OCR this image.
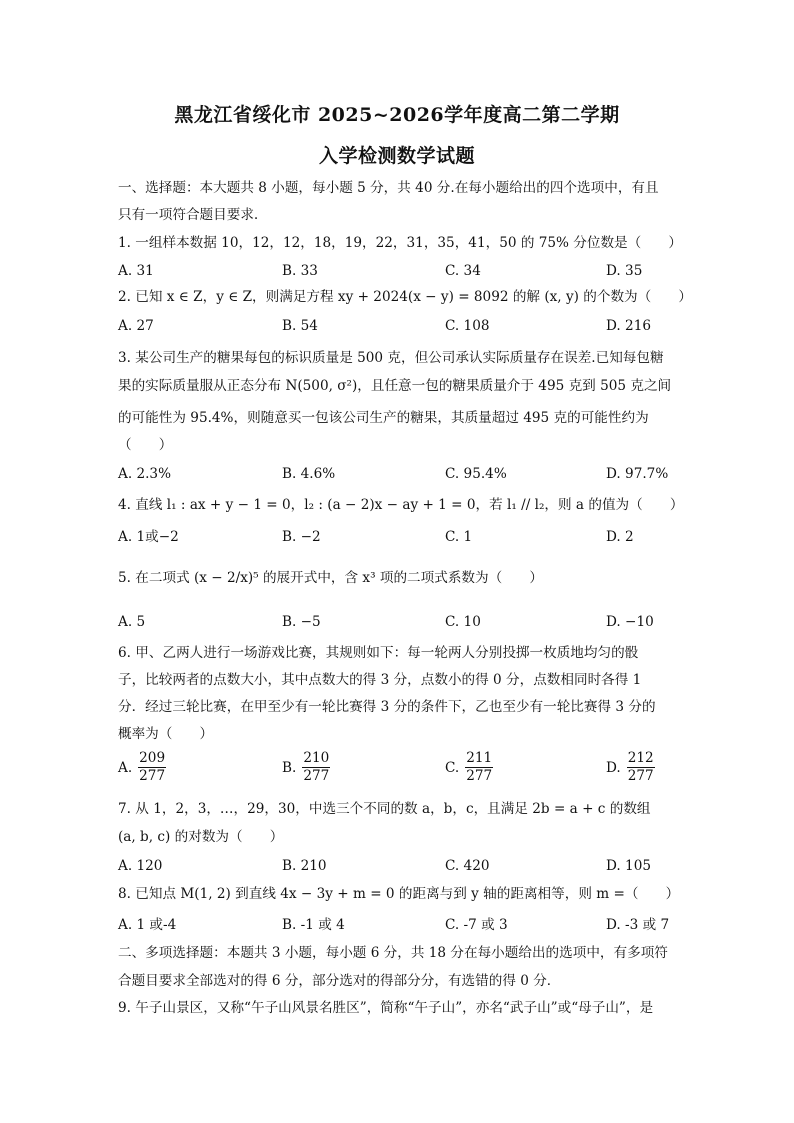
黑龙江省绥化市 2025~2026学年度高二第二学期
入学检测数学试题
一、选择题：本大题共 8 小题，每小题 5 分，共 40 分.在每小题给出的四个选项中，有且
只有一项符合题目要求.
1. 一组样本数据 10，12，12，18，19，22，31，35，41，50 的 75% 分位数是（　　）
A. 31	B. 33	C. 34	D. 35
2. 已知 x ∈ Z，y ∈ Z，则满足方程 xy + 2024(x − y) = 8092 的解 (x, y) 的个数为（　　）
A. 27	B. 54	C. 108	D. 216
3. 某公司生产的糖果每包的标识质量是 500 克，但公司承认实际质量存在误差.已知每包糖
果的实际质量服从正态分布 N(500, σ²)，且任意一包的糖果质量介于 495 克到 505 克之间
的可能性为 95.4%，则随意买一包该公司生产的糖果，其质量超过 495 克的可能性约为
（　　）
A. 2.3%	B. 4.6%	C. 95.4%	D. 97.7%
4. 直线 l₁ : ax + y − 1 = 0，l₂ : (a − 2)x − ay + 1 = 0，若 l₁ // l₂，则 a 的值为（　　）
A. 1或−2	B. −2	C. 1	D. 2
5. 在二项式 (x − 2/x)⁵ 的展开式中，含 x³ 项的二项式系数为（　　）
A. 5	B. −5	C. 10	D. −10
6. 甲、乙两人进行一场游戏比赛，其规则如下：每一轮两人分别投掷一枚质地均匀的骰
子，比较两者的点数大小，其中点数大的得 3 分，点数小的得 0 分，点数相同时各得 1
分．经过三轮比赛，在甲至少有一轮比赛得 3 分的条件下，乙也至少有一轮比赛得 3 分的
概率为（　　）
A. $\frac{209}{277}$	B. $\frac{210}{277}$	C. $\frac{211}{277}$	D. $\frac{212}{277}$
7. 从 1，2，3，…，29，30，中选三个不同的数 a，b，c，且满足 2b = a + c 的数组
(a, b, c) 的对数为（　　）
A. 120	B. 210	C. 420	D. 105
8. 已知点 M(1, 2) 到直线 4x − 3y + m = 0 的距离与到 y 轴的距离相等，则 m =（　　）
A. 1 或-4	B. -1 或 4	C. -7 或 3	D. -3 或 7
二、多项选择题：本题共 3 小题，每小题 6 分，共 18 分在每小题给出的选项中，有多项符
合题目要求全部选对的得 6 分，部分选对的得部分分，有选错的得 0 分．
9. 午子山景区，又称“午子山风景名胜区”，简称“午子山”，亦名“武子山”或“母子山”，是
